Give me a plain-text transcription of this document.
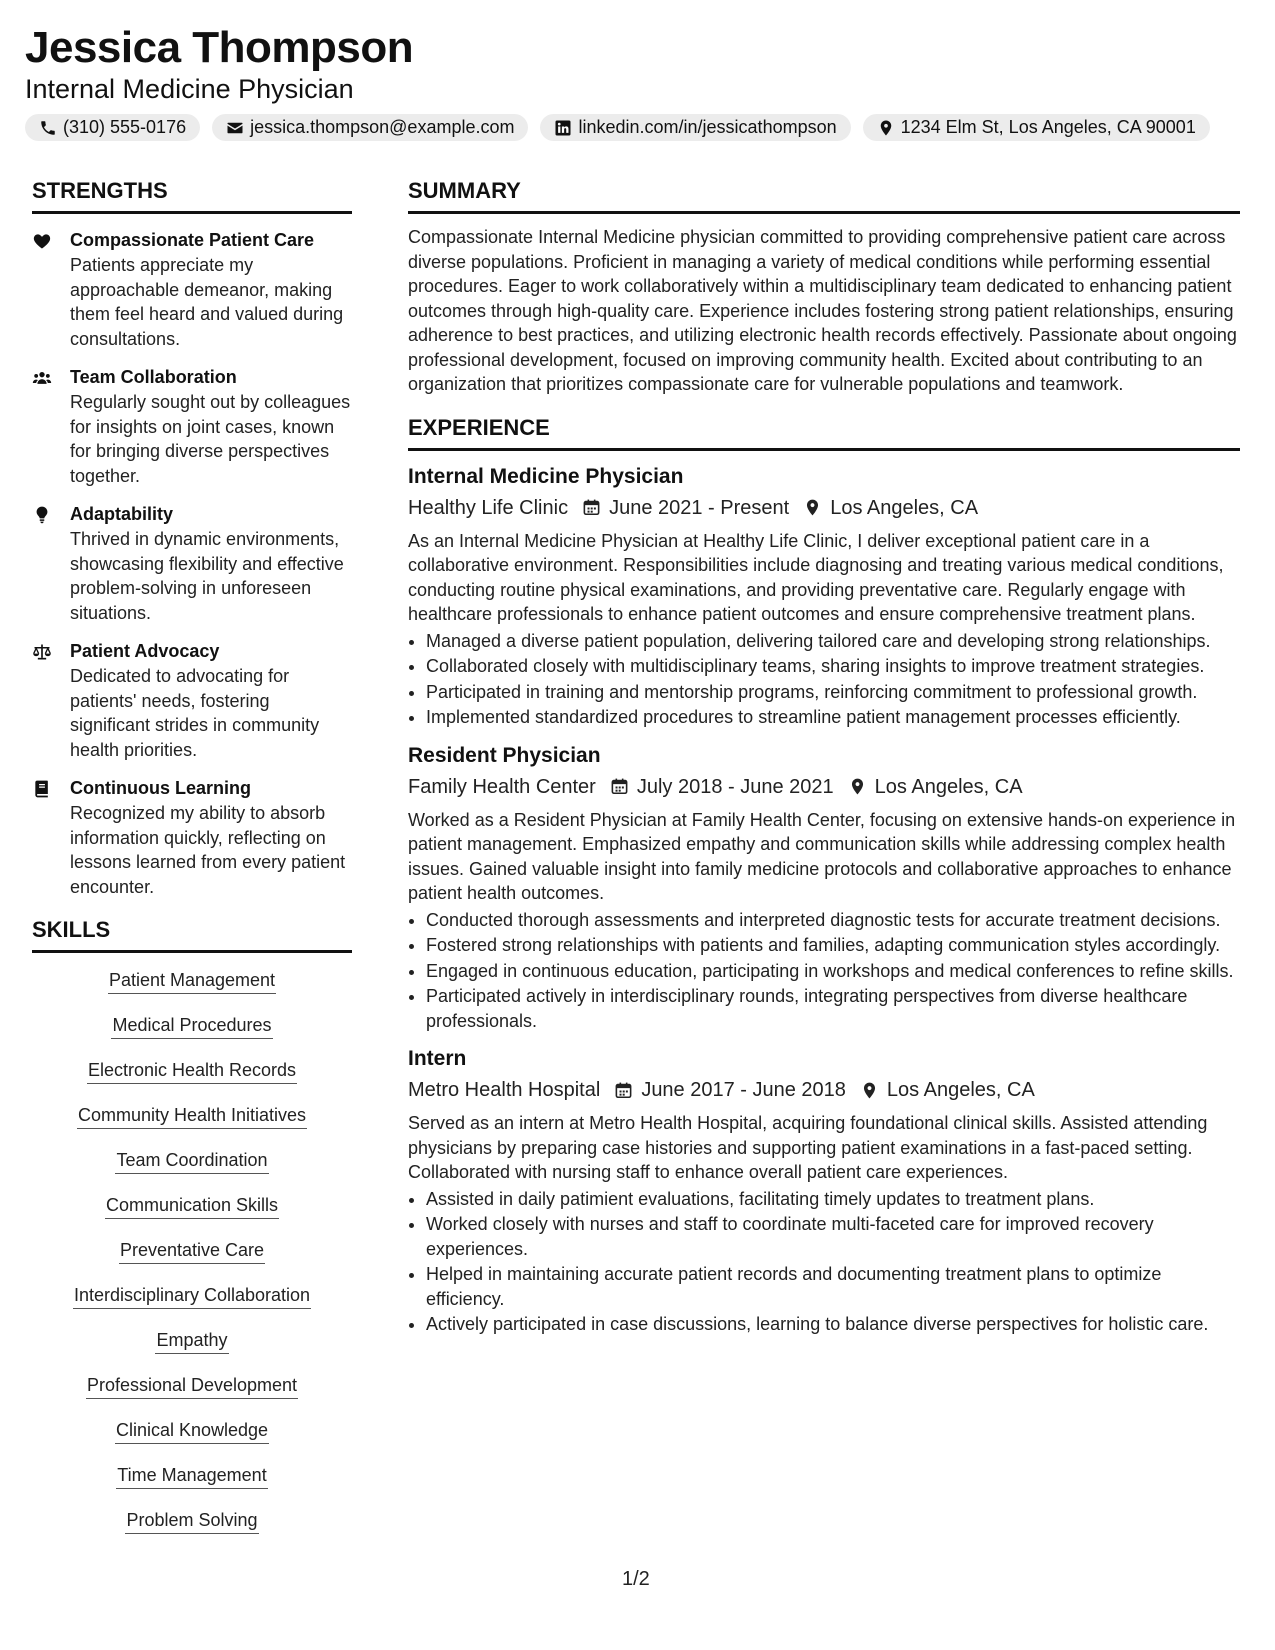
Jessica Thompson
Internal Medicine Physician
(310) 555-0176	jessica.thompson@example.com	linkedin.com/in/jessicathompson	1234 Elm St, Los Angeles, CA 90001
STRENGTHS
Compassionate Patient Care
Patients appreciate my approachable demeanor, making them feel heard and valued during consultations.
Team Collaboration
Regularly sought out by colleagues for insights on joint cases, known for bringing diverse perspectives together.
Adaptability
Thrived in dynamic environments, showcasing flexibility and effective problem-solving in unforeseen situations.
Patient Advocacy
Dedicated to advocating for patients' needs, fostering significant strides in community health priorities.
Continuous Learning
Recognized my ability to absorb information quickly, reflecting on lessons learned from every patient encounter.
SKILLS
Patient Management
Medical Procedures
Electronic Health Records
Community Health Initiatives
Team Coordination
Communication Skills
Preventative Care
Interdisciplinary Collaboration
Empathy
Professional Development
Clinical Knowledge
Time Management
Problem Solving
SUMMARY

Compassionate Internal Medicine physician committed to providing comprehensive patient care across diverse populations. Proficient in managing a variety of medical conditions while performing essential procedures. Eager to work collaboratively within a multidisciplinary team dedicated to enhancing patient outcomes through high-quality care. Experience includes fostering strong patient relationships, ensuring adherence to best practices, and utilizing electronic health records effectively. Passionate about ongoing professional development, focused on improving community health. Excited about contributing to an organization that prioritizes compassionate care for vulnerable populations and teamwork.

EXPERIENCE
Internal Medicine Physician
Healthy Life Clinic June 2021 - Present Los Angeles, CA
As an Internal Medicine Physician at Healthy Life Clinic, I deliver exceptional patient care in a collaborative environment. Responsibilities include diagnosing and treating various medical conditions, conducting routine physical examinations, and providing preventative care. Regularly engage with healthcare professionals to enhance patient outcomes and ensure comprehensive treatment plans.
• Managed a diverse patient population, delivering tailored care and developing strong relationships.
• Collaborated closely with multidisciplinary teams, sharing insights to improve treatment strategies.
• Participated in training and mentorship programs, reinforcing commitment to professional growth.
• Implemented standardized procedures to streamline patient management processes efficiently.
Resident Physician
Family Health Center July 2018 - June 2021 Los Angeles, CA
Worked as a Resident Physician at Family Health Center, focusing on extensive hands-on experience in patient management. Emphasized empathy and communication skills while addressing complex health issues. Gained valuable insight into family medicine protocols and collaborative approaches to enhance patient health outcomes.
• Conducted thorough assessments and interpreted diagnostic tests for accurate treatment decisions.
• Fostered strong relationships with patients and families, adapting communication styles accordingly.
• Engaged in continuous education, participating in workshops and medical conferences to refine skills.
• Participated actively in interdisciplinary rounds, integrating perspectives from diverse healthcare professionals.
Intern
Metro Health Hospital June 2017 - June 2018 Los Angeles, CA
Served as an intern at Metro Health Hospital, acquiring foundational clinical skills. Assisted attending physicians by preparing case histories and supporting patient examinations in a fast-paced setting. Collaborated with nursing staff to enhance overall patient care experiences.
• Assisted in daily patimient evaluations, facilitating timely updates to treatment plans.
• Worked closely with nurses and staff to coordinate multi-faceted care for improved recovery experiences.
• Helped in maintaining accurate patient records and documenting treatment plans to optimize efficiency.
• Actively participated in case discussions, learning to balance diverse perspectives for holistic care.
1/2
